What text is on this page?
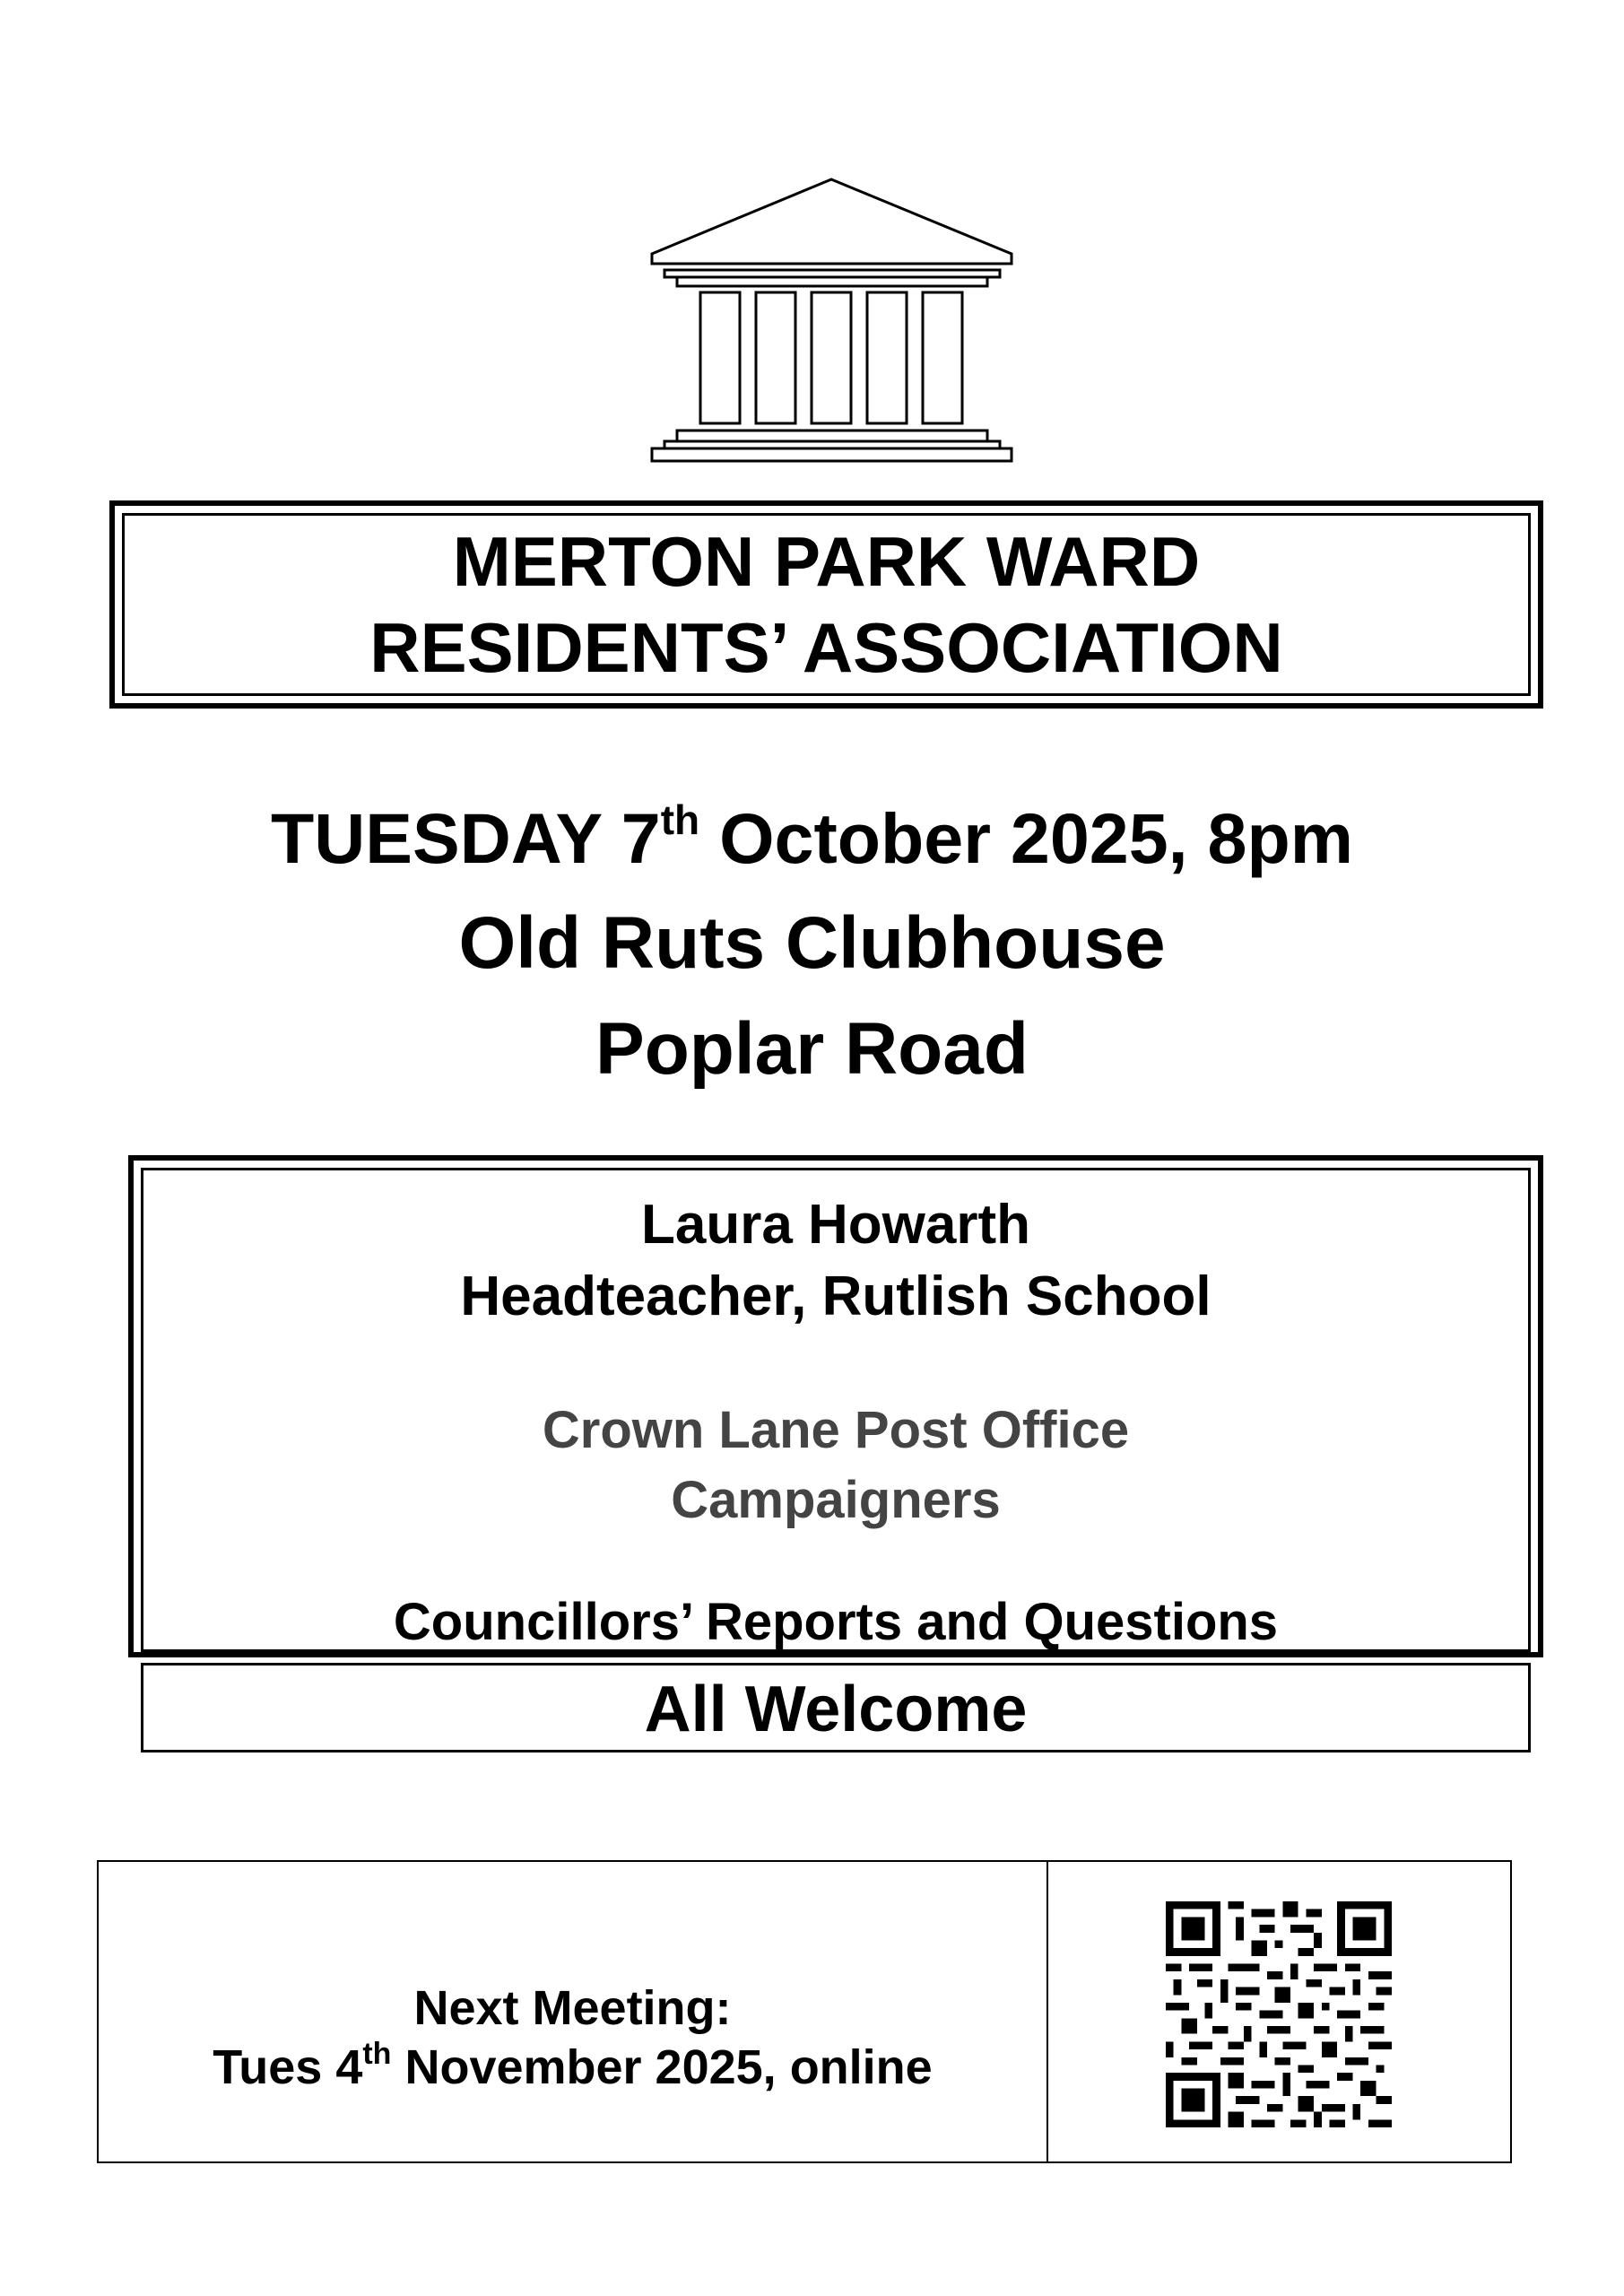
MERTON PARK WARD
RESIDENTS’ ASSOCIATION
TUESDAY 7th October 2025, 8pm
Old Ruts Clubhouse
Poplar Road
Laura Howarth
Headteacher, Rutlish School
Crown Lane Post Office
Campaigners
Councillors’ Reports and Questions
All Welcome
Next Meeting:
Tues 4th November 2025, online
